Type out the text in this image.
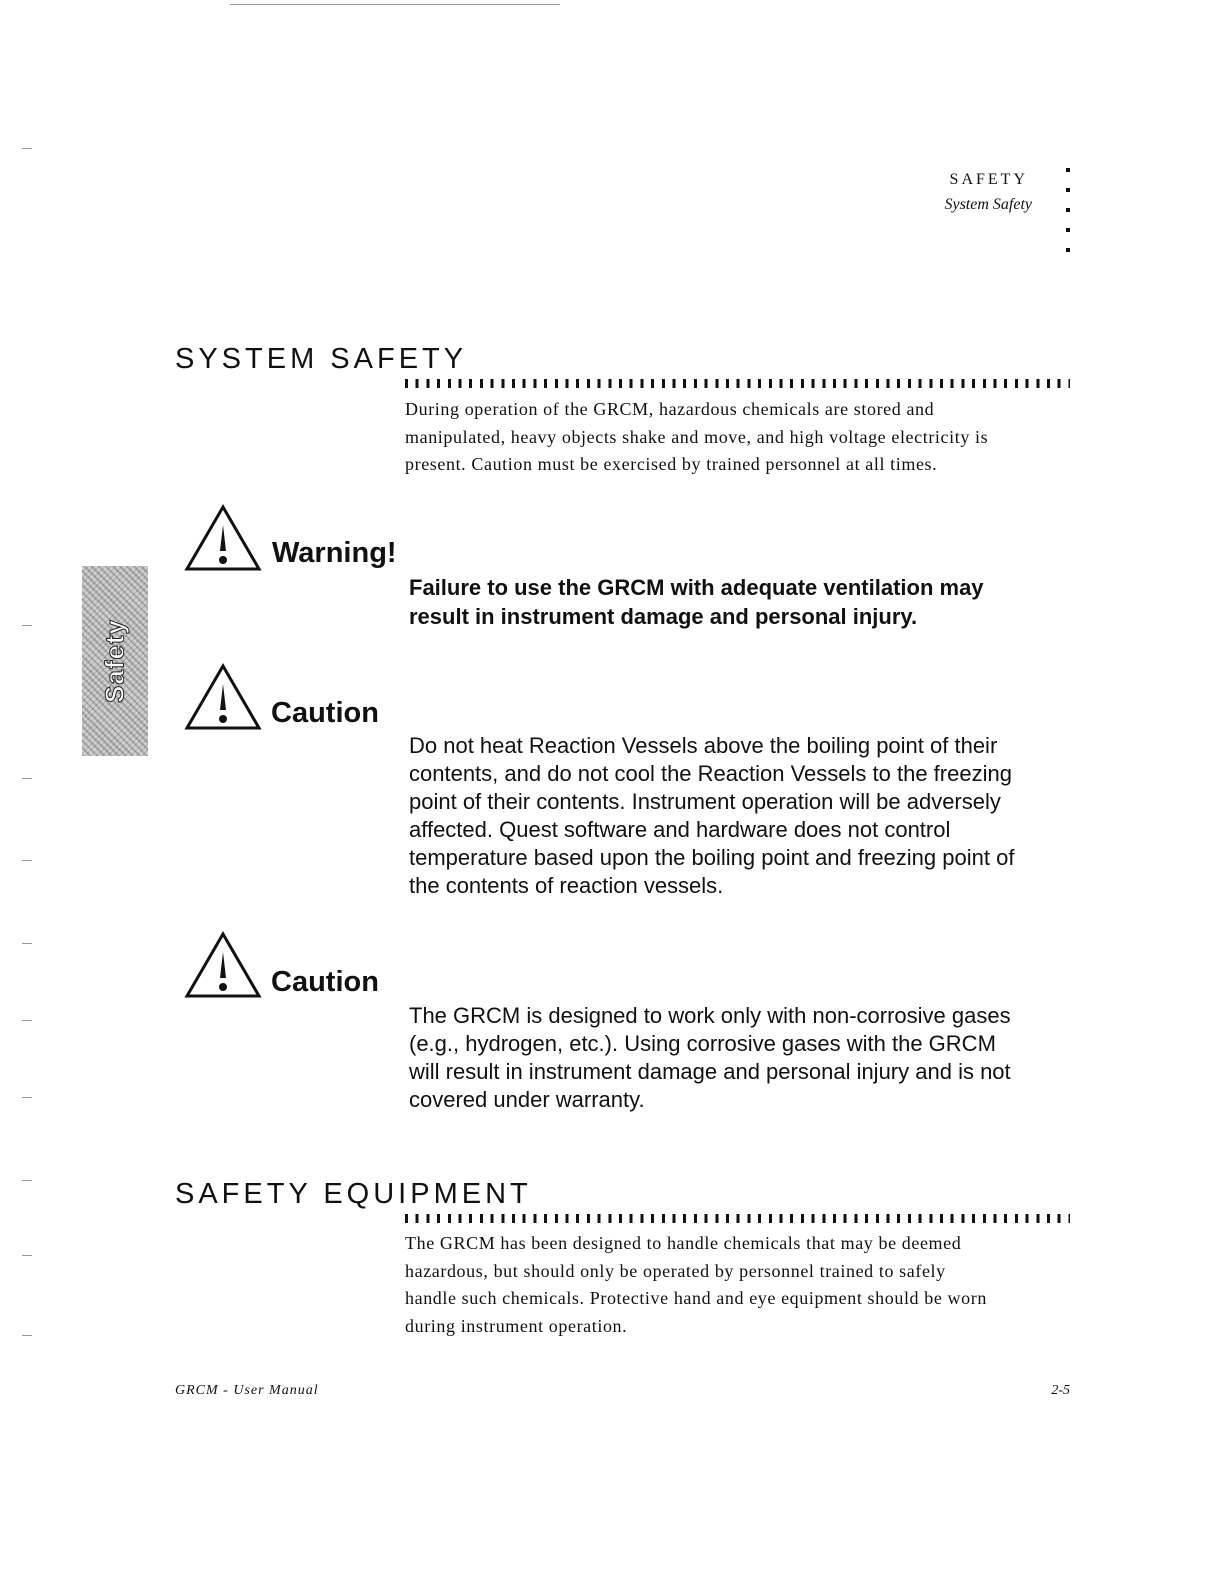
SAFETY
System Safety
Safety
SYSTEM SAFETY
During operation of the GRCM, hazardous chemicals are stored and
manipulated, heavy objects shake and move, and high voltage electricity is
present. Caution must be exercised by trained personnel at all times.
Warning!
Failure to use the GRCM with adequate ventilation may
result in instrument damage and personal injury.
Caution
Do not heat Reaction Vessels above the boiling point of their
contents, and do not cool the Reaction Vessels to the freezing
point of their contents. Instrument operation will be adversely
affected. Quest software and hardware does not control
temperature based upon the boiling point and freezing point of
the contents of reaction vessels.
Caution
The GRCM is designed to work only with non-corrosive gases
(e.g., hydrogen, etc.). Using corrosive gases with the GRCM
will result in instrument damage and personal injury and is not
covered under warranty.
SAFETY EQUIPMENT
The GRCM has been designed to handle chemicals that may be deemed
hazardous, but should only be operated by personnel trained to safely
handle such chemicals. Protective hand and eye equipment should be worn
during instrument operation.
GRCM - User Manual	2-5
